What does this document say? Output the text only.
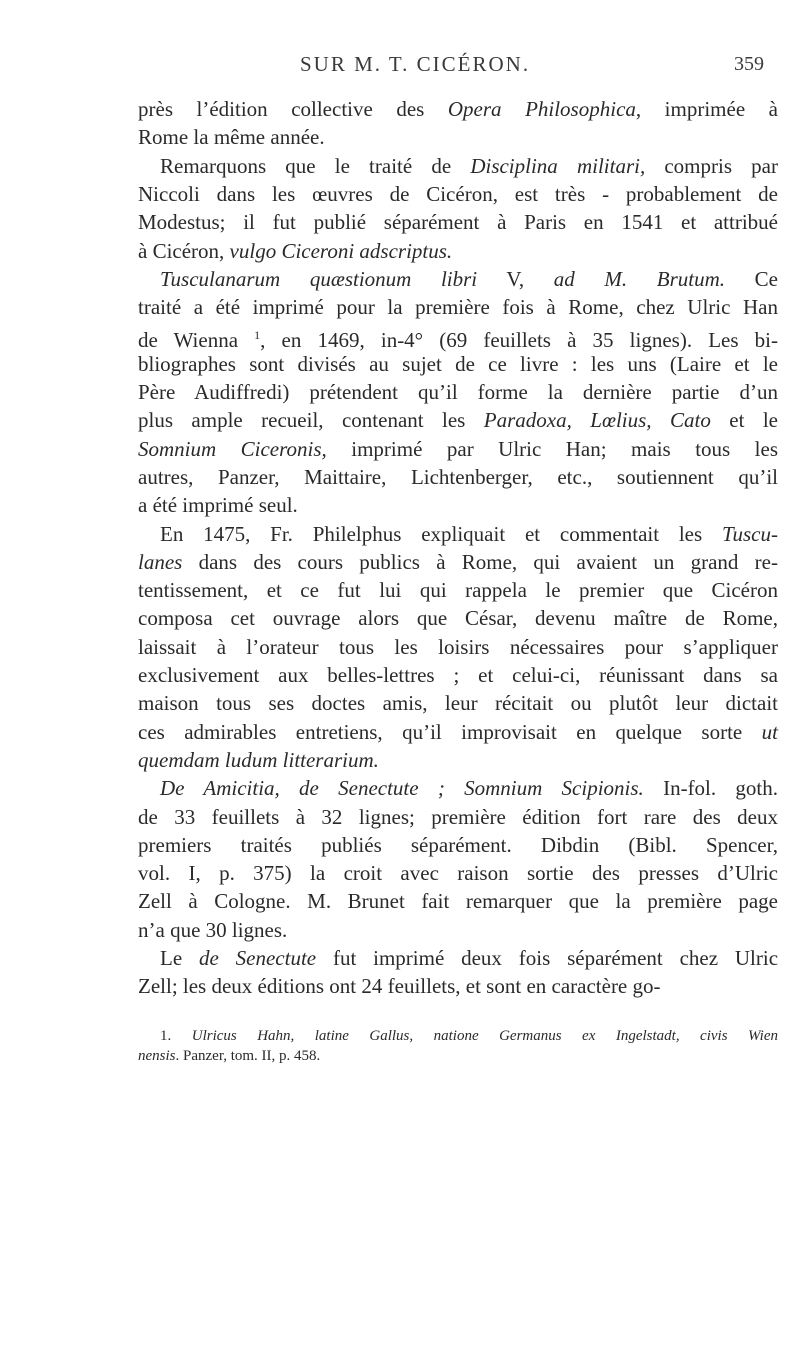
SUR M. T. CICÉRON.	359
près l’édition collective des Opera Philosophica, imprimée à
Rome la même année.
Remarquons que le traité de Disciplina militari, compris par
Niccoli dans les œuvres de Cicéron, est très - probablement de
Modestus; il fut publié séparément à Paris en 1541 et attribué
à Cicéron, vulgo Ciceroni adscriptus.
Tusculanarum quæstionum libri V, ad M. Brutum. Ce
traité a été imprimé pour la première fois à Rome, chez Ulric Han
de Wienna $^1$, en 1469, in-4° (69 feuillets à 35 lignes). Les bi-
bliographes sont divisés au sujet de ce livre : les uns (Laire et le
Père Audiffredi) prétendent qu’il forme la dernière partie d’un
plus ample recueil, contenant les Paradoxa, Lœlius, Cato et le
Somnium Ciceronis, imprimé par Ulric Han; mais tous les
autres, Panzer, Maittaire, Lichtenberger, etc., soutiennent qu’il
a été imprimé seul.
En 1475, Fr. Philelphus expliquait et commentait les Tuscu-
lanes dans des cours publics à Rome, qui avaient un grand re-
tentissement, et ce fut lui qui rappela le premier que Cicéron
composa cet ouvrage alors que César, devenu maître de Rome,
laissait à l’orateur tous les loisirs nécessaires pour s’appliquer
exclusivement aux belles-lettres ; et celui-ci, réunissant dans sa
maison tous ses doctes amis, leur récitait ou plutôt leur dictait
ces admirables entretiens, qu’il improvisait en quelque sorte ut
quemdam ludum litterarium.
De Amicitia, de Senectute ; Somnium Scipionis. In-fol. goth.
de 33 feuillets à 32 lignes; première édition fort rare des deux
premiers traités publiés séparément. Dibdin (Bibl. Spencer,
vol. I, p. 375) la croit avec raison sortie des presses d’Ulric
Zell à Cologne. M. Brunet fait remarquer que la première page
n’a que 30 lignes.
Le de Senectute fut imprimé deux fois séparément chez Ulric
Zell; les deux éditions ont 24 feuillets, et sont en caractère go-
1. Ulricus Hahn, latine Gallus, natione Germanus ex Ingelstadt, civis Wien
nensis. Panzer, tom. II, p. 458.
